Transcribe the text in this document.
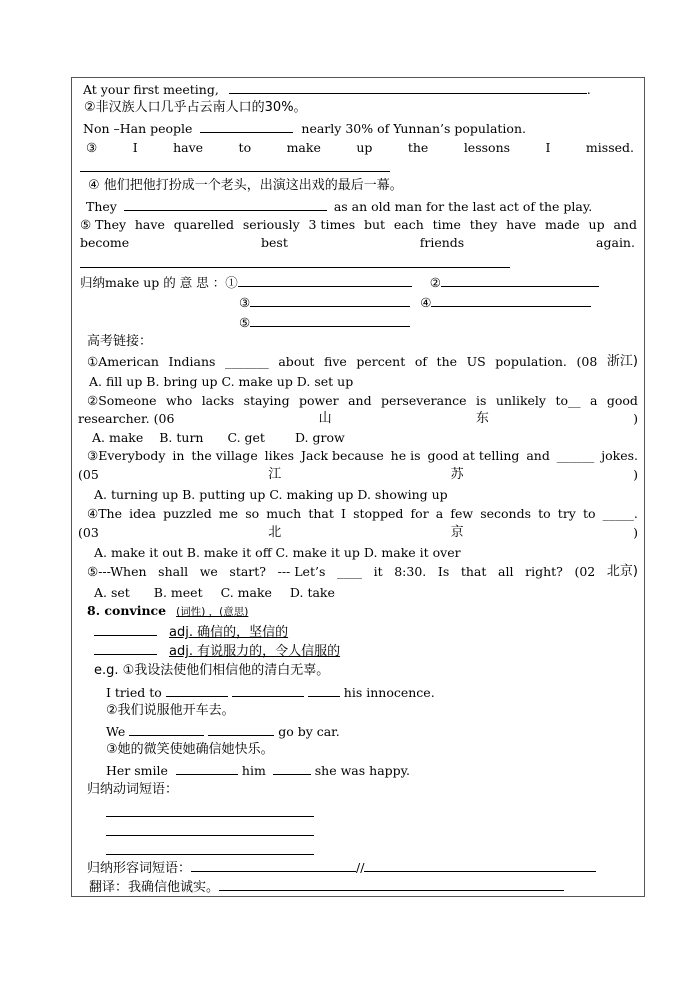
At your first meeting,	.
②非汉族人口几乎占云南人口的30%。
Non –Han people	nearly 30% of Yunnan’s population.
③	I	have	to	make	up	the	lessons	I	missed.
④ 他们把他打扮成一个老头，出演这出戏的最后一幕。
They	as an old man for the last act of the play.
⑤ They have quarelled seriously 3 times but each time they have made up and
become	best	friends	again.
归纳make up 的 意 思 ：①	②
③	④
⑤
高考链接：
①American Indians _______ about five percent of the US population. (08 浙江)
A. fill up B. bring up C. make up D. set up
②Someone who lacks staying power and perseverance is unlikely to__ a good
researcher. (06	山	东	)
A. make B. turn C. get D. grow
③Everybody in the village likes Jack because he is good at telling and ______ jokes.
(05	江	苏	)
A. turning up B. putting up C. making up D. showing up
④The idea puzzled me so much that I stopped for a few seconds to try to _____.
(03	北	京	)
A. make it out B. make it off C. make it up D. make it over
⑤---When shall we start? --- Let’s ____ it 8:30. Is that all right? (02 北京)
A. set B. meet C. make D. take
8. convince (词性) ，(意思)
adj. 确信的，坚信的
adj. 有说服力的，令人信服的
e.g. ①我设法使他们相信他的清白无辜。
I tried to	his innocence.
②我们说服他开车去。
We	go by car.
③她的微笑使她确信她快乐。
Her smile	him	she was happy.
归纳动词短语：
归纳形容词短语：	//
翻译：我确信他诚实。
